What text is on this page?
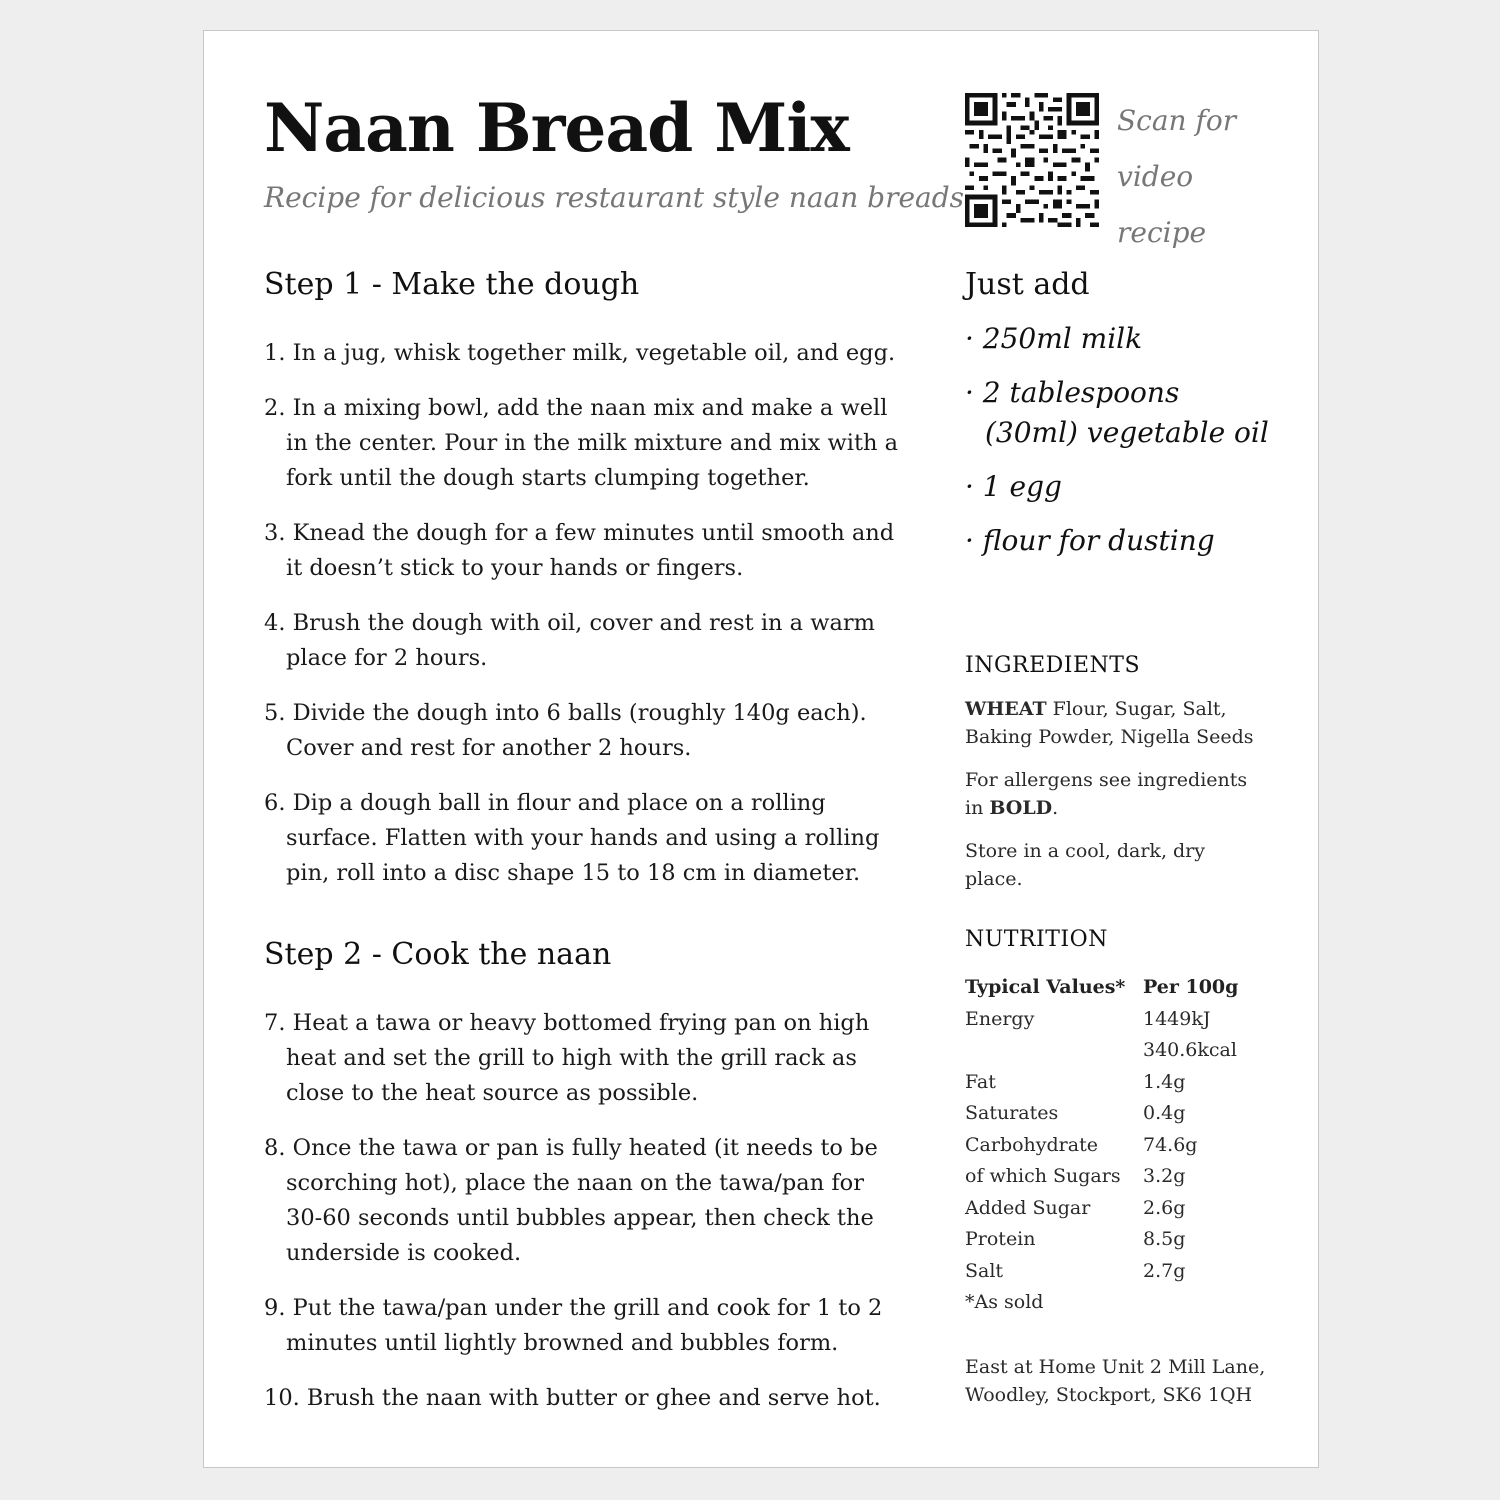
Naan Bread Mix
Recipe for delicious restaurant style naan breads
Step 1 - Make the dough
1. In a jug, whisk together milk, vegetable oil, and egg.
2. In a mixing bowl, add the naan mix and make a well in the center. Pour in the milk mixture and mix with a fork until the dough starts clumping together.
3. Knead the dough for a few minutes until smooth and it doesn’t stick to your hands or fingers.
4. Brush the dough with oil, cover and rest in a warm place for 2 hours.
5. Divide the dough into 6 balls (roughly 140g each). Cover and rest for another 2 hours.
6. Dip a dough ball in flour and place on a rolling surface. Flatten with your hands and using a rolling pin, roll into a disc shape 15 to 18 cm in diameter.
Step 2 - Cook the naan
7. Heat a tawa or heavy bottomed frying pan on high heat and set the grill to high with the grill rack as close to the heat source as possible.
8. Once the tawa or pan is fully heated (it needs to be scorching hot), place the naan on the tawa/pan for 30-60 seconds until bubbles appear, then check the underside is cooked.
9. Put the tawa/pan under the grill and cook for 1 to 2 minutes until lightly browned and bubbles form.
10. Brush the naan with butter or ghee and serve hot.
Scan for
video recipe
Just add
· 250ml milk
· 2 tablespoons (30ml) vegetable oil
· 1 egg
· flour for dusting
INGREDIENTS
WHEAT Flour, Sugar, Salt, Baking Powder, Nigella Seeds
For allergens see ingredients in BOLD.
Store in a cool, dark, dry place.
NUTRITION
Typical Values*	Per 100g
Energy	1449kJ
	340.6kcal
Fat	1.4g
Saturates	0.4g
Carbohydrate	74.6g
of which Sugars	3.2g
Added Sugar	2.6g
Protein	8.5g
Salt	2.7g
*As sold	
East at Home Unit 2 Mill Lane,
Woodley, Stockport, SK6 1QH
